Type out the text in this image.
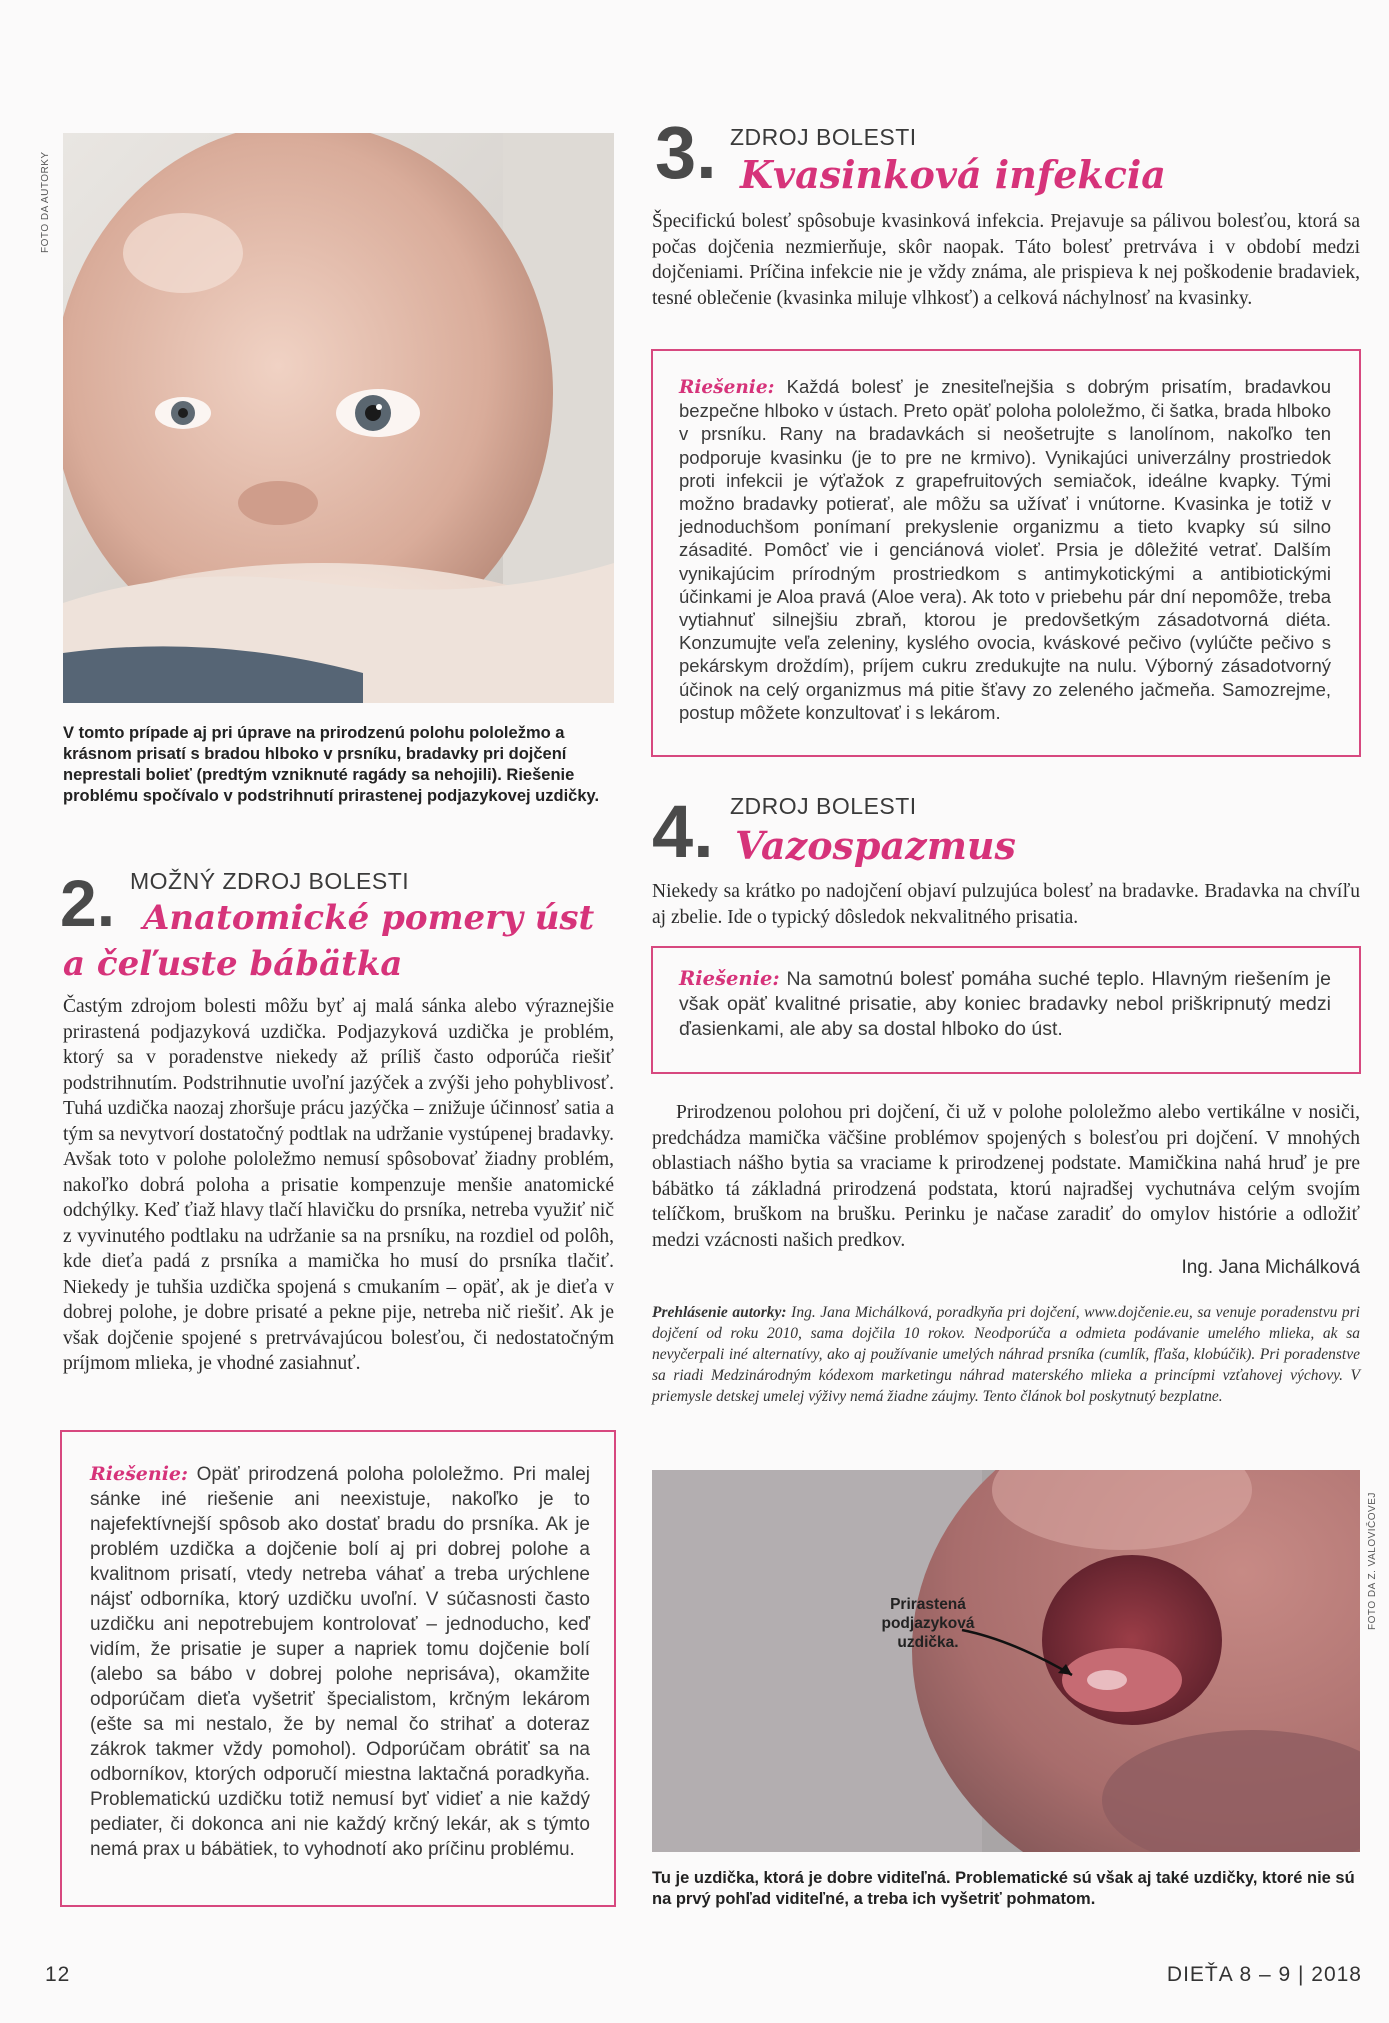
FOTO DA AUTORKY
V tomto prípade aj pri úprave na prirodzenú polohu pololežmo a krásnom prisatí s bradou hlboko v prsníku, bradavky pri dojčení neprestali bolieť (predtým vzniknuté ragády sa nehojili). Riešenie problému spočívalo v podstrihnutí prirastenej podjazykovej uzdičky.
2. MOŽNÝ ZDROJ BOLESTI
Anatomické pomery úst
a čeľuste bábätka
Častým zdrojom bolesti môžu byť aj malá sánka alebo výraznejšie prirastená podjazyková uzdička. Podjazyková uzdička je problém, ktorý sa v poradenstve niekedy až príliš často odporúča riešiť podstrihnutím. Podstrihnutie uvoľní jazýček a zvýši jeho pohyblivosť. Tuhá uzdička naozaj zhoršuje prácu jazýčka – znižuje účinnosť satia a tým sa nevytvorí dostatočný podtlak na udržanie vystúpenej bradavky. Avšak toto v polohe pololežmo nemusí spôsobovať žiadny problém, nakoľko dobrá poloha a prisatie kompenzuje menšie anatomické odchýlky. Keď ťiaž hlavy tlačí hlavičku do prsníka, netreba využiť nič z vyvinutého podtlaku na udržanie sa na prsníku, na rozdiel od polôh, kde dieťa padá z prsníka a mamička ho musí do prsníka tlačiť. Niekedy je tuhšia uzdička spojená s cmukaním – opäť, ak je dieťa v dobrej polohe, je dobre prisaté a pekne pije, netreba nič riešiť. Ak je však dojčenie spojené s pretrvávajúcou bolesťou, či nedostatočným príjmom mlieka, je vhodné zasiahnuť.
Riešenie: Opäť prirodzená poloha pololežmo. Pri malej sánke iné riešenie ani neexistuje, nakoľko je to najefektívnejší spôsob ako dostať bradu do prsníka. Ak je problém uzdička a dojčenie bolí aj pri dobrej polohe a kvalitnom prisatí, vtedy netreba váhať a treba urýchlene nájsť odborníka, ktorý uzdičku uvoľní. V súčasnosti často uzdičku ani nepotrebujem kontrolovať – jednoducho, keď vidím, že prisatie je super a napriek tomu dojčenie bolí (alebo sa bábo v dobrej polohe neprisáva), okamžite odporúčam dieťa vyšetriť špecialistom, krčným lekárom (ešte sa mi nestalo, že by nemal čo strihať a doteraz zákrok takmer vždy pomohol). Odporúčam obrátiť sa na odborníkov, ktorých odporučí miestna laktačná poradkyňa. Problematickú uzdičku totiž nemusí byť vidieť a nie každý pediater, či dokonca ani nie každý krčný lekár, ak s týmto nemá prax u bábätiek, to vyhodnotí ako príčinu problému.
3. ZDROJ BOLESTI
Kvasinková infekcia
Špecifickú bolesť spôsobuje kvasinková infekcia. Prejavuje sa pálivou bolesťou, ktorá sa počas dojčenia nezmierňuje, skôr naopak. Táto bolesť pretrváva i v období medzi dojčeniami. Príčina infekcie nie je vždy známa, ale prispieva k nej poškodenie bradaviek, tesné oblečenie (kvasinka miluje vlhkosť) a celková náchylnosť na kvasinky.
Riešenie: Každá bolesť je znesiteľnejšia s dobrým prisatím, bradavkou bezpečne hlboko v ústach. Preto opäť poloha pololežmo, či šatka, brada hlboko v prsníku. Rany na bradavkách si neošetrujte s lanolínom, nakoľko ten podporuje kvasinku (je to pre ne krmivo). Vynikajúci univerzálny prostriedok proti infekcii je výťažok z grapefruitových semiačok, ideálne kvapky. Tými možno bradavky potierať, ale môžu sa užívať i vnútorne. Kvasinka je totiž v jednoduchšom ponímaní prekyslenie organizmu a tieto kvapky sú silno zásadité. Pomôcť vie i genciánová violeť. Prsia je dôležité vetrať. Dalším vynikajúcim prírodným prostriedkom s antimykotickými a antibiotickými účinkami je Aloa pravá (Aloe vera). Ak toto v priebehu pár dní nepomôže, treba vytiahnuť silnejšiu zbraň, ktorou je predovšetkým zásadotvorná diéta. Konzumujte veľa zeleniny, kyslého ovocia, kváskové pečivo (vylúčte pečivo s pekárskym droždím), príjem cukru zredukujte na nulu. Výborný zásadotvorný účinok na celý organizmus má pitie šťavy zo zeleného jačmeňa. Samozrejme, postup môžete konzultovať i s lekárom.
4. ZDROJ BOLESTI
Vazospazmus
Niekedy sa krátko po nadojčení objaví pulzujúca bolesť na bradavke. Bradavka na chvíľu aj zbelie. Ide o typický dôsledok nekvalitného prisatia.
Riešenie: Na samotnú bolesť pomáha suché teplo. Hlavným riešením je však opäť kvalitné prisatie, aby koniec bradavky nebol priškripnutý medzi ďasienkami, ale aby sa dostal hlboko do úst.
Prirodzenou polohou pri dojčení, či už v polohe pololežmo alebo vertikálne v nosiči, predchádza mamička väčšine problémov spojených s bolesťou pri dojčení. V mnohých oblastiach nášho bytia sa vraciame k prirodzenej podstate. Mamičkina nahá hruď je pre bábätko tá základná prirodzená podstata, ktorú najradšej vychutnáva celým svojím telíčkom, bruškom na brušku. Perinku je načase zaradiť do omylov histórie a odložiť medzi vzácnosti našich predkov.
Ing. Jana Michálková
Prehlásenie autorky: Ing. Jana Michálková, poradkyňa pri dojčení, www.dojčenie.eu, sa venuje poradenstvu pri dojčení od roku 2010, sama dojčila 10 rokov. Neodporúča a odmieta podávanie umelého mlieka, ak sa nevyčerpali iné alternatívy, ako aj používanie umelých náhrad prsníka (cumlík, fľaša, klobúčik). Pri poradenstve sa riadi Medzinárodným kódexom marketingu náhrad materského mlieka a princípmi vzťahovej výchovy. V priemysle detskej umelej výživy nemá žiadne záujmy. Tento článok bol poskytnutý bezplatne.
Prirastená podjazyková uzdička.
FOTO DA Z. VALOVIČOVEJ
Tu je uzdička, ktorá je dobre viditeľná. Problematické sú však aj také uzdičky, ktoré nie sú na prvý pohľad viditeľné, a treba ich vyšetriť pohmatom.
12	DIEŤA 8 – 9 | 2018
